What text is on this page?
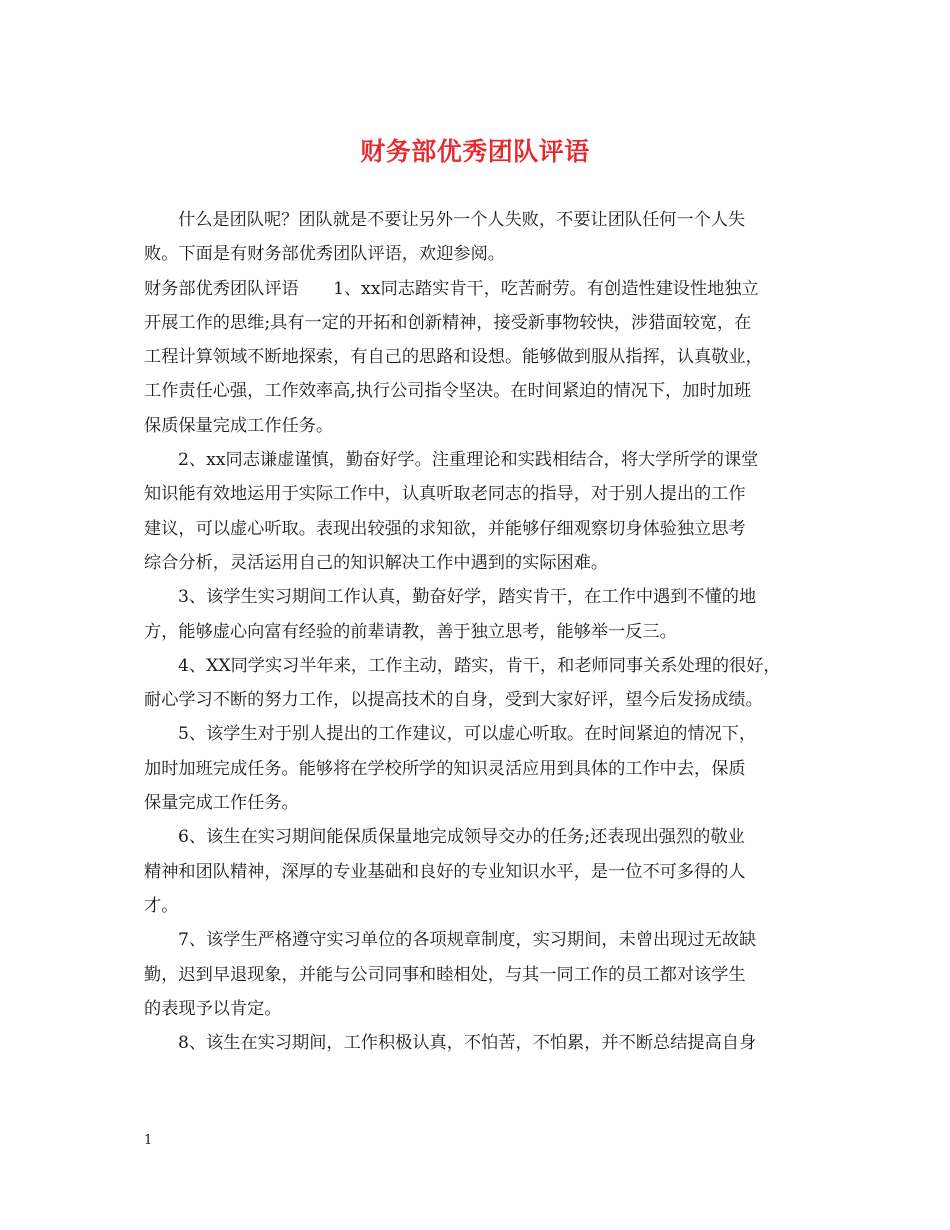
财务部优秀团队评语
什么是团队呢？团队就是不要让另外一个人失败，不要让团队任何一个人失
败。下面是有财务部优秀团队评语，欢迎参阅。
财务部优秀团队评语　　1、xx同志踏实肯干，吃苦耐劳。有创造性建设性地独立
开展工作的思维;具有一定的开拓和创新精神，接受新事物较快，涉猎面较宽，在
工程计算领域不断地探索，有自己的思路和设想。能够做到服从指挥，认真敬业，
工作责任心强，工作效率高,执行公司指令坚决。在时间紧迫的情况下，加时加班
保质保量完成工作任务。
2、xx同志谦虚谨慎，勤奋好学。注重理论和实践相结合，将大学所学的课堂
知识能有效地运用于实际工作中，认真听取老同志的指导，对于别人提出的工作
建议，可以虚心听取。表现出较强的求知欲，并能够仔细观察切身体验独立思考
综合分析，灵活运用自己的知识解决工作中遇到的实际困难。
3、该学生实习期间工作认真，勤奋好学，踏实肯干，在工作中遇到不懂的地
方，能够虚心向富有经验的前辈请教，善于独立思考，能够举一反三。
4、XX同学实习半年来，工作主动，踏实，肯干，和老师同事关系处理的很好，
耐心学习不断的努力工作，以提高技术的自身，受到大家好评，望今后发扬成绩。
5、该学生对于别人提出的工作建议，可以虚心听取。在时间紧迫的情况下，
加时加班完成任务。能够将在学校所学的知识灵活应用到具体的工作中去，保质
保量完成工作任务。
6、该生在实习期间能保质保量地完成领导交办的任务;还表现出强烈的敬业
精神和团队精神，深厚的专业基础和良好的专业知识水平，是一位不可多得的人
才。
7、该学生严格遵守实习单位的各项规章制度，实习期间，未曾出现过无故缺
勤，迟到早退现象，并能与公司同事和睦相处，与其一同工作的员工都对该学生
的表现予以肯定。
8、该生在实习期间，工作积极认真，不怕苦，不怕累，并不断总结提高自身
1
